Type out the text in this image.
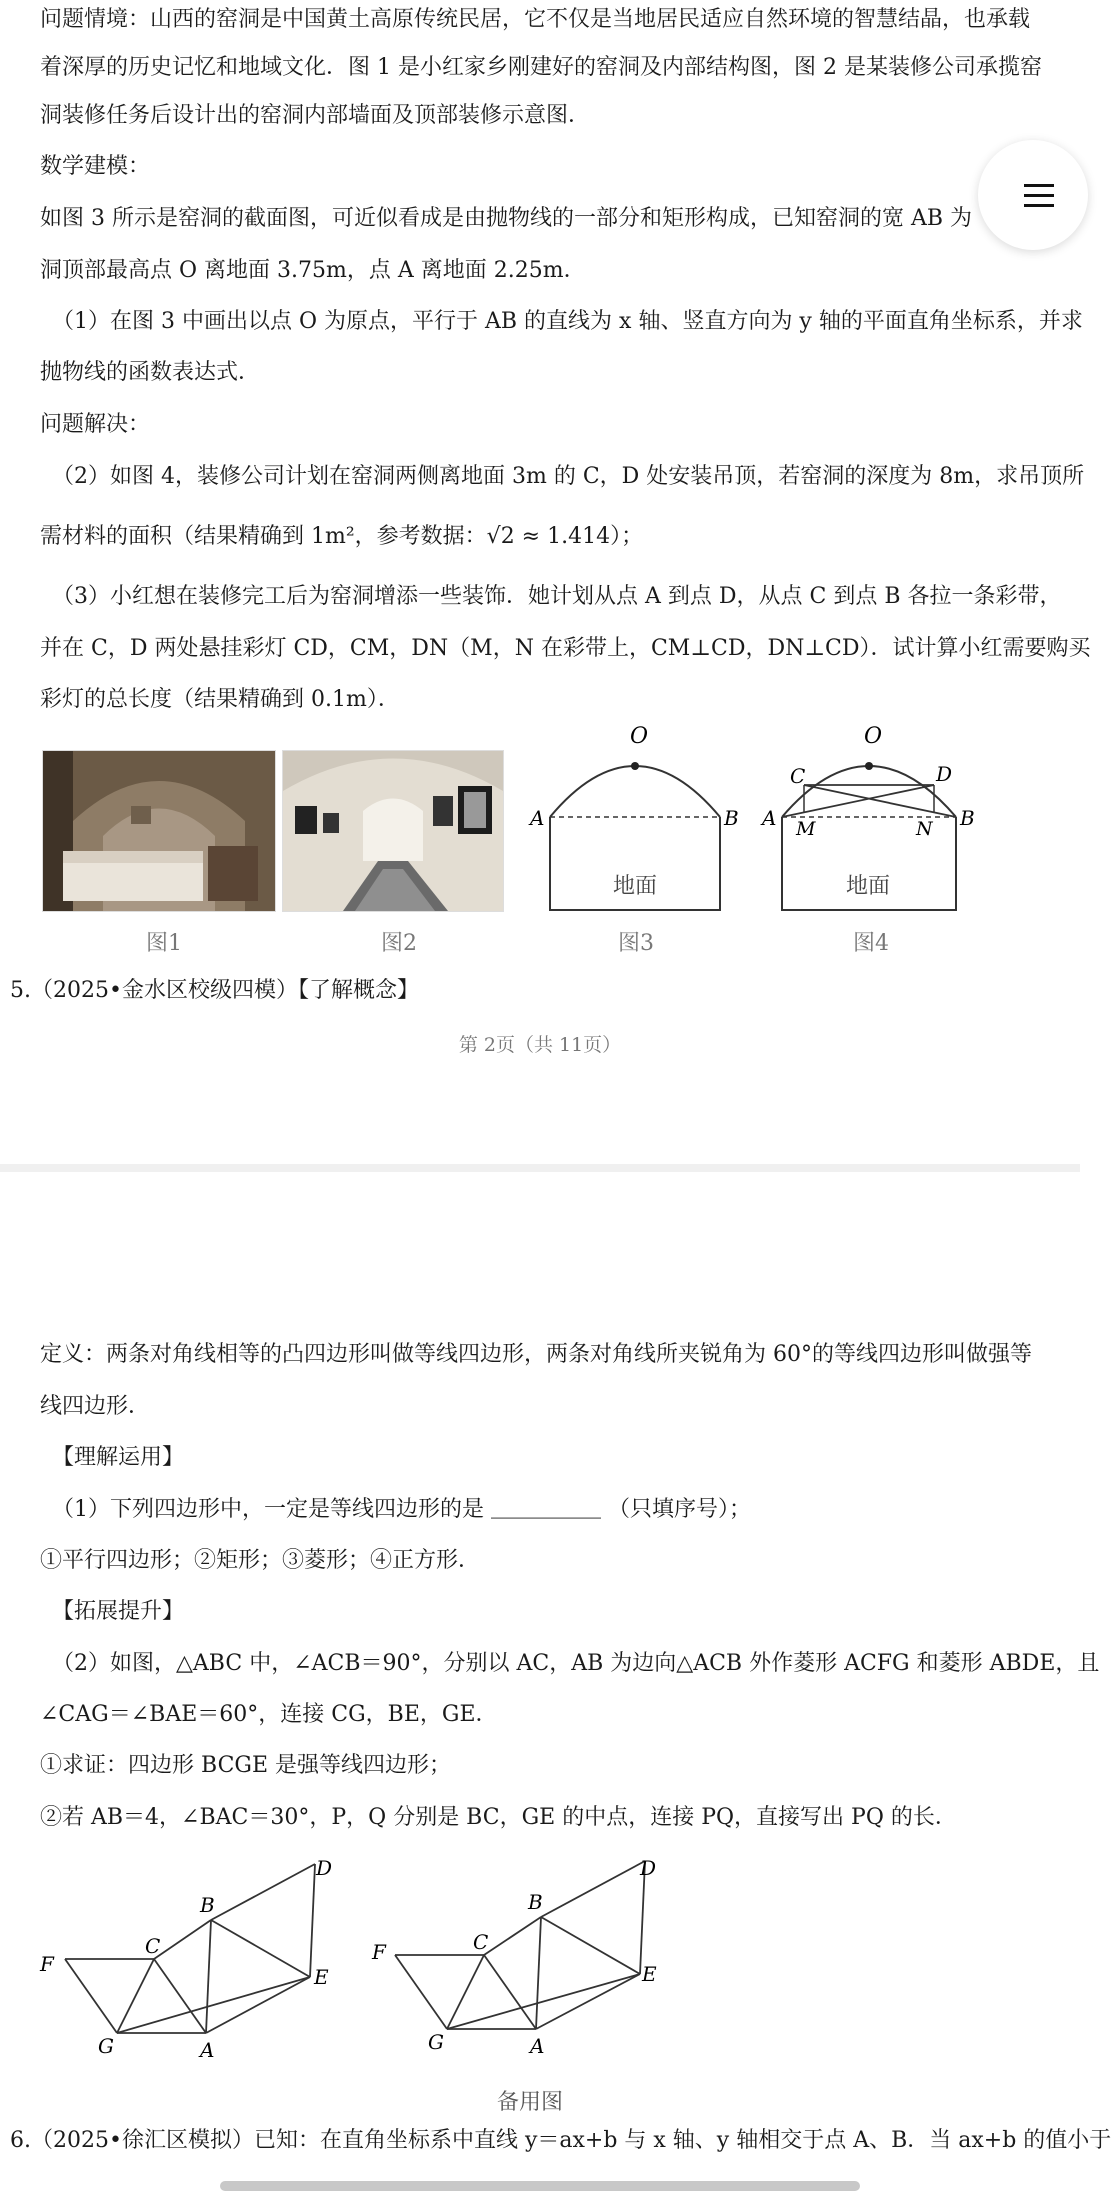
问题情境：山西的窑洞是中国黄土高原传统民居，它不仅是当地居民适应自然环境的智慧结晶，也承载
着深厚的历史记忆和地域文化．图 1 是小红家乡刚建好的窑洞及内部结构图，图 2 是某装修公司承揽窑
洞装修任务后设计出的窑洞内部墙面及顶部装修示意图．
数学建模：
如图 3 所示是窑洞的截面图，可近似看成是由抛物线的一部分和矩形构成，已知窑洞的宽 AB 为
洞顶部最高点 O 离地面 3.75m，点 A 离地面 2.25m．
（1）在图 3 中画出以点 O 为原点，平行于 AB 的直线为 x 轴、竖直方向为 y 轴的平面直角坐标系，并求
抛物线的函数表达式．
问题解决：
（2）如图 4，装修公司计划在窑洞两侧离地面 3m 的 C，D 处安装吊顶，若窑洞的深度为 8m，求吊顶所
需材料的面积（结果精确到 1m²，参考数据：√2 ≈ 1.414）；
（3）小红想在装修完工后为窑洞增添一些装饰．她计划从点 A 到点 D，从点 C 到点 B 各拉一条彩带，
并在 C，D 两处悬挂彩灯 CD，CM，DN（M，N 在彩带上，CM⊥CD，DN⊥CD）．试计算小红需要购买
彩灯的总长度（结果精确到 0.1m）．
O
A	B
地面
O
C	D
A	B
M	N
地面
图1	图2	图3	图4
5.（2025•金水区校级四模）【了解概念】
第 2页（共 11页）
定义：两条对角线相等的凸四边形叫做等线四边形，两条对角线所夹锐角为 60°的等线四边形叫做强等
线四边形．
【理解运用】
（1）下列四边形中，一定是等线四边形的是 ＿＿＿＿＿ （只填序号）；
①平行四边形；②矩形；③菱形；④正方形．
【拓展提升】
（2）如图，△ABC 中，∠ACB＝90°，分别以 AC，AB 为边向△ACB 外作菱形 ACFG 和菱形 ABDE，且
∠CAG＝∠BAE＝60°，连接 CG，BE，GE．
①求证：四边形 BCGE 是强等线四边形；
②若 AB＝4，∠BAC＝30°，P，Q 分别是 BC，GE 的中点，连接 PQ，直接写出 PQ 的长．
F
C
B
D
E
G	A
F	C
B
D
E
G	A
备用图
6.（2025•徐汇区模拟）已知：在直角坐标系中直线 y＝ax+b 与 x 轴、y 轴相交于点 A、B．当 ax+b 的值小于
